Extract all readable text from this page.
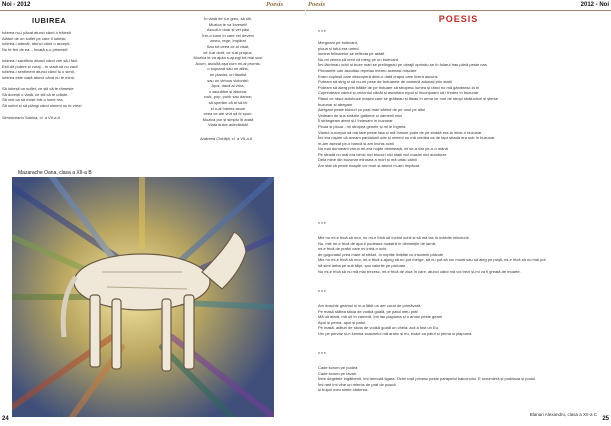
Noi - 2012	Poesis
IUBIREA
Iubirea nu-i păcat atunci când o trăiești
Alături de un suflet pe care îl iubești.
Iubirea-i adevăr, atunci când o accepți.
Nu te feri de ea... învață s-o primești!

Iubirea-i sacrificiu atunci când vrei să-l faci.
Ești dă putere și curaj... în viață să nu zaci!
Iubirea-i sentiment atunci când tu o simți,
Iubirea este viață atunci când nu te minți.

Să iubești un suflet, ce știi că te râmește
Să dorești o viață, ce știi că te urăște.
Să vrei ca să exiști într-o lume rea.
Să suferi și să plângi când nimeni nu te vrea!
Siminiceanu Sabina, cl. a VII-a A
În viață de ți-e greu, să știi,
Muzica te va înveseli!
Ascult-o doar și vei păși
Într-o lume în care vei deveni
zmeu, rege, împărat
Sau tot ceea ce ai visat,
ce ți-ai dorit, ce ți-ai propus.
Muzica te va ajuta s-ajungi tot mai sus!
Acum, ascultă aşa cum mi-ai promis:
o soprană sau un altist,
un pianist, un flautist
sau un virtuos violonist:
Apoi, dacă ai vrea,
o ascultăm și altceva:
rock, pop, punk sau dance;
să sperăm că ai să iei
și o-ai înțeles acum
ceea ce am vrut să îți spun:
Muzica pur și simplu îți arată
Viața dulce-adevărată!
Andreea Chiriliță, cl. a VII-a A
Mazarache Oana, clasa a XII-a B
24
Poesis	2012 - Noi
POESIS
***
Mergeam pe bulevard,
ploua și totul era umed,
lumina felinarelor se reflecta pe asfalt
Nu-mi venea să cred că merg pe un bulevard
Îmi lăcrimau ochii și buze mari se prelingeau pe obrajii oprindu-se în fularul tras până peste nas
Picioarele ude ascultau repetau mereu aceeași mișcare
Eram copleșit care descoperă dintr-o dată crapul care licera ascuns
Puteam să strig și să nu-mi pese de trotuarele de oamenii adunați prin stații
Puteam să alerg prin bălțile de pe trotuare să stropesc lumea și rânci nu mă gândeasc la ei
Cuprindeam vântul și orizontul vânăt și ascultam ropul și înconjoram sâ i fredez în buzunar
Râsul ce râsul autobuze mașini care se grăbeau și lăsau în urma lor nori de stropi strălucitori și șterse
buzunar și alergam
Alergam peste blocuri cu pași mari sărind de pe unul pe altul
Vedeam de sus străzile galbene și oamenii mici
Îi strângeam atent și-i îndesam în buzunar
Ploua și ploua - mi stropea genele și mi le îngrela.
Vântul a-nceput să mă tare peste fața și mă înmuie puțin de pe stradă era la mine-n buzunar
Îmi era ruşine că aveam pantalonii ude și nimeni nu mă credea ca de fapt strada era sub în buzunar
m-am așezat pe-o bancă și am închis ochii
Nu mai dormeam vreun mi-era nopte dimineață, mi se-a dar pe-o-n mână
Pe stradă nu mai era nimic nici blocuri nici stații nici mașini nici autobuze
Dela mine din buzunar mirosea a mort și mă urlau câinii
Am stat că peste noapte voi muri și-atunci m-am împăcat.
***
Mie nu mi-e frică să mor, nu mi-e frică să închid ochii și să mă las în mâinile minciunii.
Nu, mie mi-e frică de apa ți podeaua noastră în dimineţile de iarnă,
mi-e frică de praful care mi intră-n ochi,
de gogonatul prea mare al străzii, în noptile liniștite cu insomnii pălcute
Mie nu mi-e frică să mor, mi-e frică s-ajung să nu pot merge, să nu pot să urc munți sau să aleg pe plajă, mi-e frică să nu mai pot
să simt iarba pe sub tălpi, sau valurile pe picioare.
Nu mi-e frică să nu mă mai trezesc, mi-e frică de ziua în care, atunci când mă voi trezi și-mi va fi greață de moarte.
***
Am doschis geamul și m-a lăbit un aer curat de primăvară.
Pe masă stătea sticla de vodkă goală, pe patul meu praf
Mă uit afară, mă uit în cameră, îmi iau plapuma și o arunc peste geam
Apoi și perna, apoi și patul.
Pe masă, alături de sticla de vodkă goală un cheia: acii a fost un Eu.
Urc pe pervaz și-n lumina scaunelui mă arunc și eu, exact ca patul și perna și plapuma.
***
Cade scrum pe podea
Cade scrum pe tavan
Între degetele îngălbenit, îmi tremură țigara. Ochii roșii privesc peste parapetul balconului. E scrumieră și podeaua și podul.
Îmi rast îmi vine un mieros de praf de pușcă
și trupul meu simte căderea.
Blanari Alexandru, clasa a XII-a C
25
